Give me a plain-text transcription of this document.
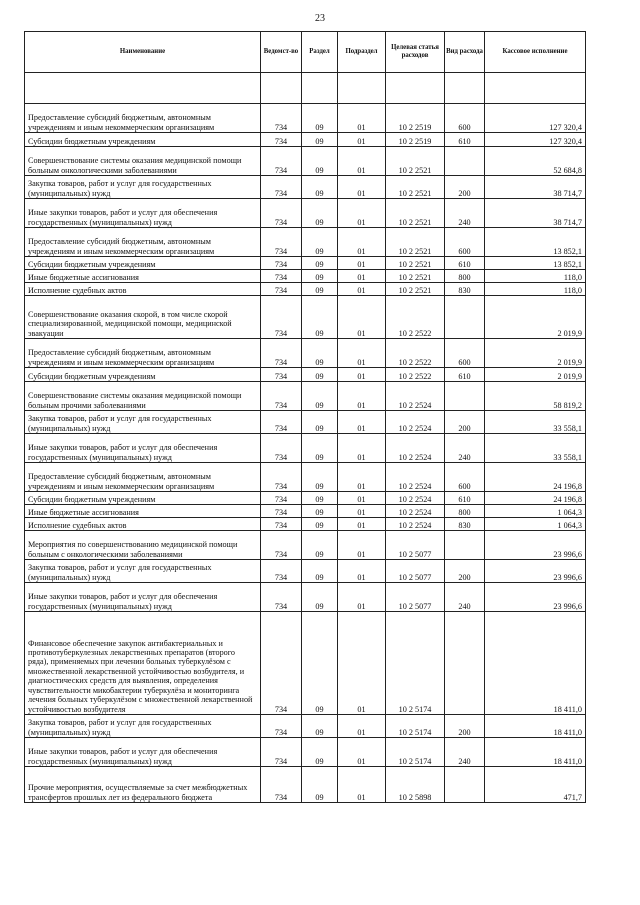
23
Наименование	Ведомст-во	Раздел	Подраздел	Целевая статья расходов	Вид расхода	Кассовое исполнение

Предоставление субсидий бюджетным, автономным учреждениям и иным некоммерческим организациям	734	09	01	10 2 2519	600	127 320,4
Субсидии бюджетным учреждениям	734	09	01	10 2 2519	610	127 320,4
Совершенствование системы оказания медицинской помощи больным онкологическими заболеваниями	734	09	01	10 2 2521		52 684,8
Закупка товаров, работ и услуг для государственных (муниципальных) нужд	734	09	01	10 2 2521	200	38 714,7
Иные закупки товаров, работ и услуг для обеспечения государственных (муниципальных) нужд	734	09	01	10 2 2521	240	38 714,7
Предоставление субсидий бюджетным, автономным учреждениям и иным некоммерческим организациям	734	09	01	10 2 2521	600	13 852,1
Субсидии бюджетным учреждениям	734	09	01	10 2 2521	610	13 852,1
Иные бюджетные ассигнования	734	09	01	10 2 2521	800	118,0
Исполнение судебных актов	734	09	01	10 2 2521	830	118,0
Совершенствование оказания скорой, в том числе скорой специализированной, медицинской помощи, медицинской эвакуации	734	09	01	10 2 2522		2 019,9
Предоставление субсидий бюджетным, автономным учреждениям и иным некоммерческим организациям	734	09	01	10 2 2522	600	2 019,9
Субсидии бюджетным учреждениям	734	09	01	10 2 2522	610	2 019,9
Совершенствование системы оказания медицинской помощи больным прочими заболеваниями	734	09	01	10 2 2524		58 819,2
Закупка товаров, работ и услуг для государственных (муниципальных) нужд	734	09	01	10 2 2524	200	33 558,1
Иные закупки товаров, работ и услуг для обеспечения государственных (муниципальных) нужд	734	09	01	10 2 2524	240	33 558,1
Предоставление субсидий бюджетным, автономным учреждениям и иным некоммерческим организациям	734	09	01	10 2 2524	600	24 196,8
Субсидии бюджетным учреждениям	734	09	01	10 2 2524	610	24 196,8
Иные бюджетные ассигнования	734	09	01	10 2 2524	800	1 064,3
Исполнение судебных актов	734	09	01	10 2 2524	830	1 064,3
Мероприятия по совершенствованию медицинской помощи больным с онкологическими заболеваниями	734	09	01	10 2 5077		23 996,6
Закупка товаров, работ и услуг для государственных (муниципальных) нужд	734	09	01	10 2 5077	200	23 996,6
Иные закупки товаров, работ и услуг для обеспечения государственных (муниципальных) нужд	734	09	01	10 2 5077	240	23 996,6
Финансовое обеспечение закупок антибактериальных и противотуберкулезных лекарственных препаратов (второго ряда), применяемых при лечении больных туберкулёзом с множественной лекарственной устойчивостью возбудителя, и диагностических средств для выявления, определения чувствительности микобактерии туберкулёза и мониторинга лечения больных туберкулёзом с множественной лекарственной устойчивостью возбудителя	734	09	01	10 2 5174		18 411,0
Закупка товаров, работ и услуг для государственных (муниципальных) нужд	734	09	01	10 2 5174	200	18 411,0
Иные закупки товаров, работ и услуг для обеспечения государственных (муниципальных) нужд	734	09	01	10 2 5174	240	18 411,0
Прочие мероприятия, осуществляемые за счет межбюджетных трансфертов прошлых лет из федерального бюджета	734	09	01	10 2 5898		471,7
